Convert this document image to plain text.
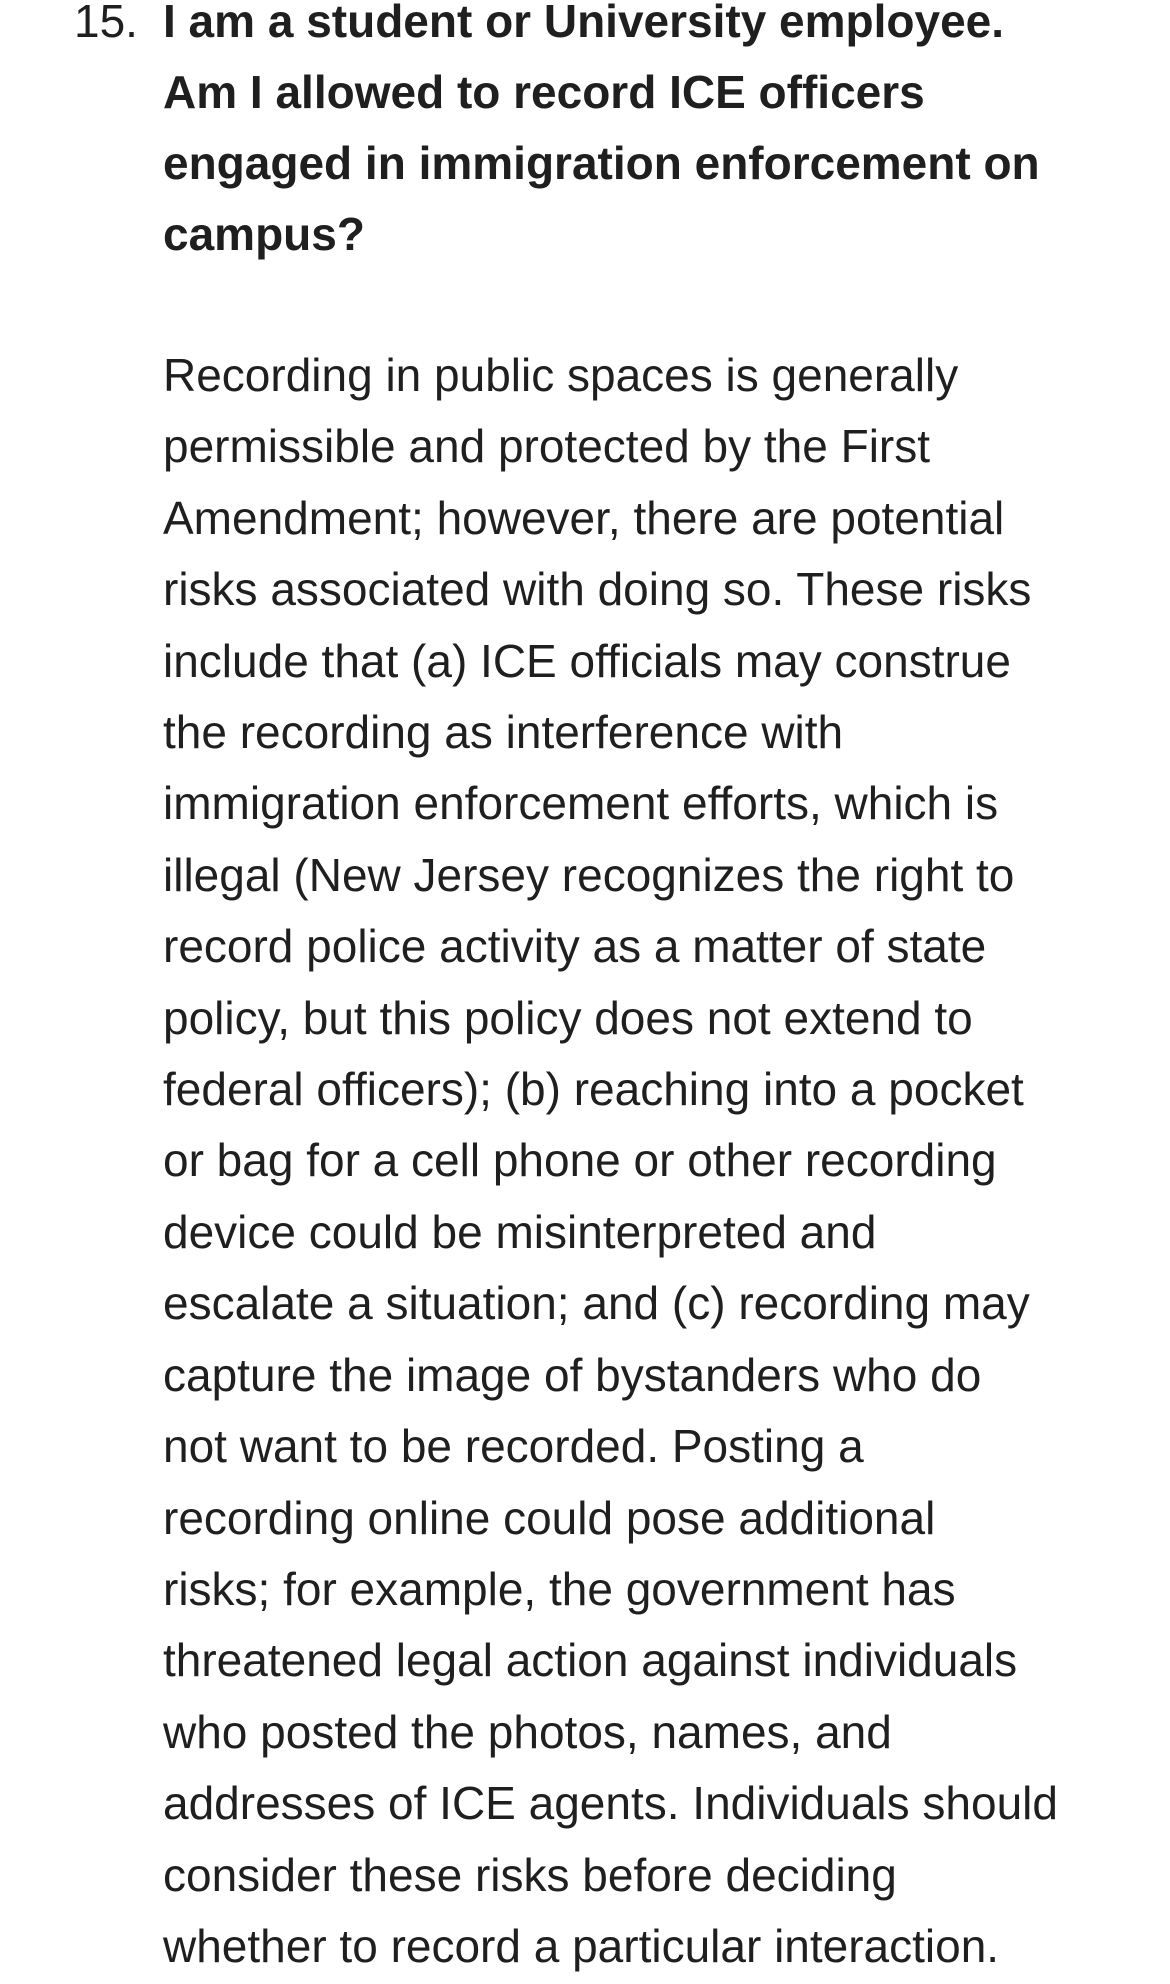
15. I am a student or University employee.
Am I allowed to record ICE officers
engaged in immigration enforcement on
campus?

Recording in public spaces is generally
permissible and protected by the First
Amendment; however, there are potential
risks associated with doing so. These risks
include that (a) ICE officials may construe
the recording as interference with
immigration enforcement efforts, which is
illegal (New Jersey recognizes the right to
record police activity as a matter of state
policy, but this policy does not extend to
federal officers); (b) reaching into a pocket
or bag for a cell phone or other recording
device could be misinterpreted and
escalate a situation; and (c) recording may
capture the image of bystanders who do
not want to be recorded. Posting a
recording online could pose additional
risks; for example, the government has
threatened legal action against individuals
who posted the photos, names, and
addresses of ICE agents. Individuals should
consider these risks before deciding
whether to record a particular interaction.
